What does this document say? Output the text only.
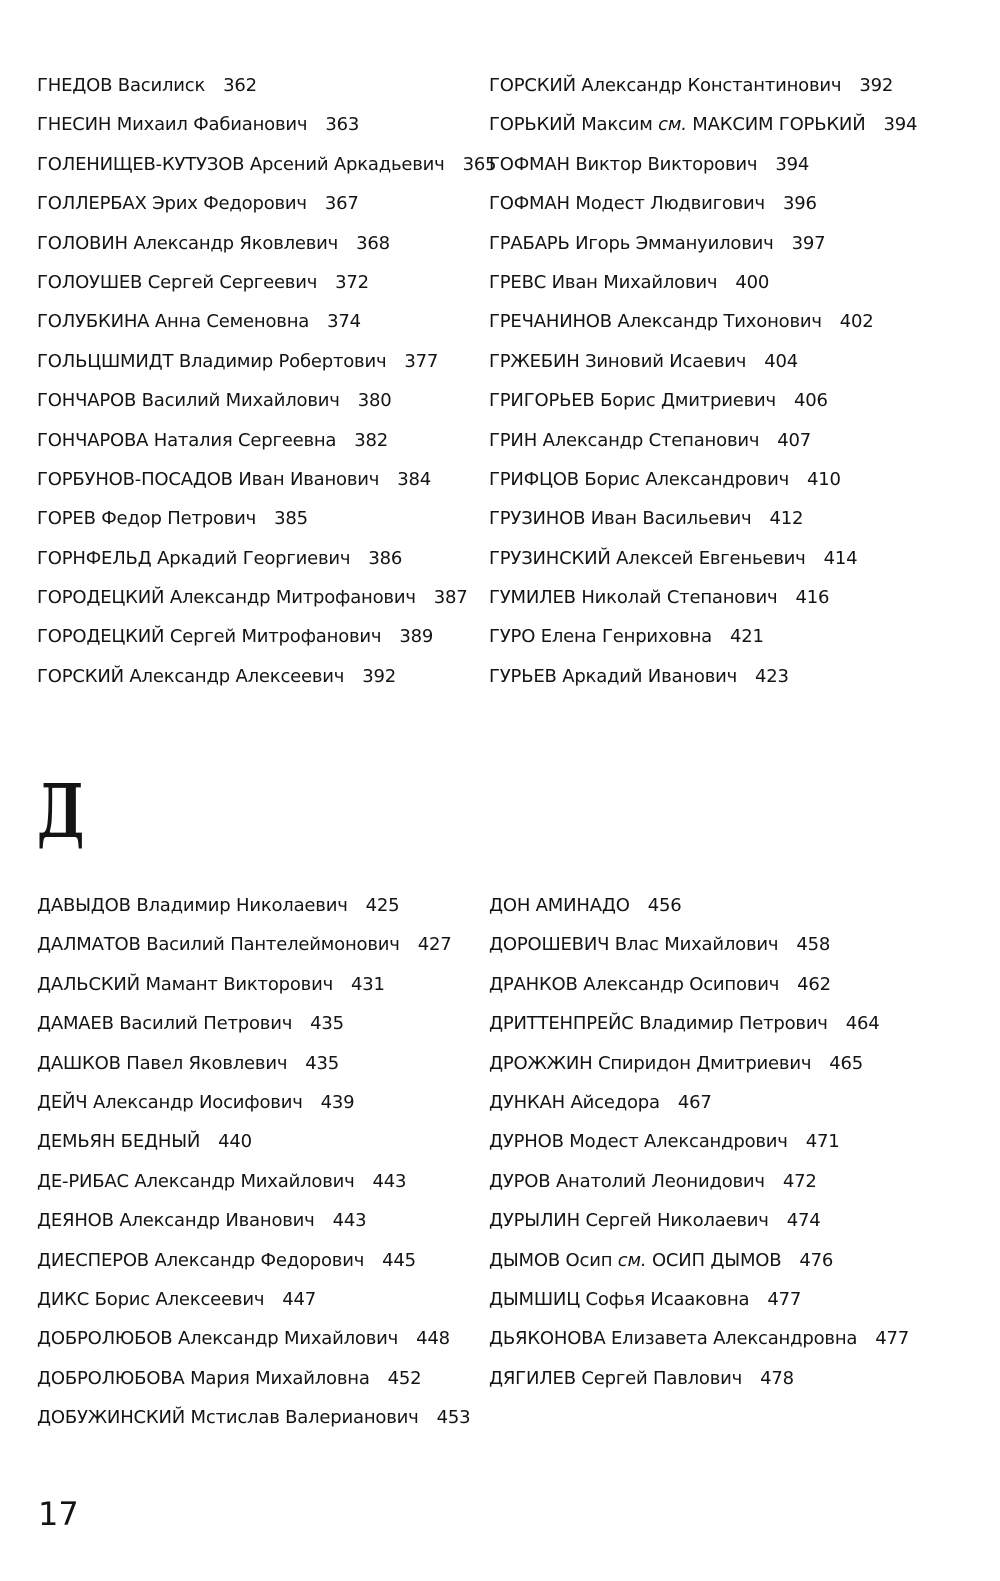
ГНЕДОВ Василиск 362
ГНЕСИН Михаил Фабианович 363
ГОЛЕНИЩЕВ-КУТУЗОВ Арсений Аркадьевич 365
ГОЛЛЕРБАХ Эрих Федорович 367
ГОЛОВИН Александр Яковлевич 368
ГОЛОУШЕВ Сергей Сергеевич 372
ГОЛУБКИНА Анна Семеновна 374
ГОЛЬЦШМИДТ Владимир Робертович 377
ГОНЧАРОВ Василий Михайлович 380
ГОНЧАРОВА Наталия Сергеевна 382
ГОРБУНОВ-ПОСАДОВ Иван Иванович 384
ГОРЕВ Федор Петрович 385
ГОРНФЕЛЬД Аркадий Георгиевич 386
ГОРОДЕЦКИЙ Александр Митрофанович 387
ГОРОДЕЦКИЙ Сергей Митрофанович 389
ГОРСКИЙ Александр Алексеевич 392
ГОРСКИЙ Александр Константинович 392
ГОРЬКИЙ Максим см. МАКСИМ ГОРЬКИЙ 394
ГОФМАН Виктор Викторович 394
ГОФМАН Модест Людвигович 396
ГРАБАРЬ Игорь Эммануилович 397
ГРЕВС Иван Михайлович 400
ГРЕЧАНИНОВ Александр Тихонович 402
ГРЖЕБИН Зиновий Исаевич 404
ГРИГОРЬЕВ Борис Дмитриевич 406
ГРИН Александр Степанович 407
ГРИФЦОВ Борис Александрович 410
ГРУЗИНОВ Иван Васильевич 412
ГРУЗИНСКИЙ Алексей Евгеньевич 414
ГУМИЛЕВ Николай Степанович 416
ГУРО Елена Генриховна 421
ГУРЬЕВ Аркадий Иванович 423
Д
ДАВЫДОВ Владимир Николаевич 425
ДАЛМАТОВ Василий Пантелеймонович 427
ДАЛЬСКИЙ Мамант Викторович 431
ДАМАЕВ Василий Петрович 435
ДАШКОВ Павел Яковлевич 435
ДЕЙЧ Александр Иосифович 439
ДЕМЬЯН БЕДНЫЙ 440
ДЕ-РИБАС Александр Михайлович 443
ДЕЯНОВ Александр Иванович 443
ДИЕСПЕРОВ Александр Федорович 445
ДИКС Борис Алексеевич 447
ДОБРОЛЮБОВ Александр Михайлович 448
ДОБРОЛЮБОВА Мария Михайловна 452
ДОБУЖИНСКИЙ Мстислав Валерианович 453
ДОН АМИНАДО 456
ДОРОШЕВИЧ Влас Михайлович 458
ДРАНКОВ Александр Осипович 462
ДРИТТЕНПРЕЙС Владимир Петрович 464
ДРОЖЖИН Спиридон Дмитриевич 465
ДУНКАН Айседора 467
ДУРНОВ Модест Александрович 471
ДУРОВ Анатолий Леонидович 472
ДУРЫЛИН Сергей Николаевич 474
ДЫМОВ Осип см. ОСИП ДЫМОВ 476
ДЫМШИЦ Софья Исааковна 477
ДЬЯКОНОВА Елизавета Александровна 477
ДЯГИЛЕВ Сергей Павлович 478
17
